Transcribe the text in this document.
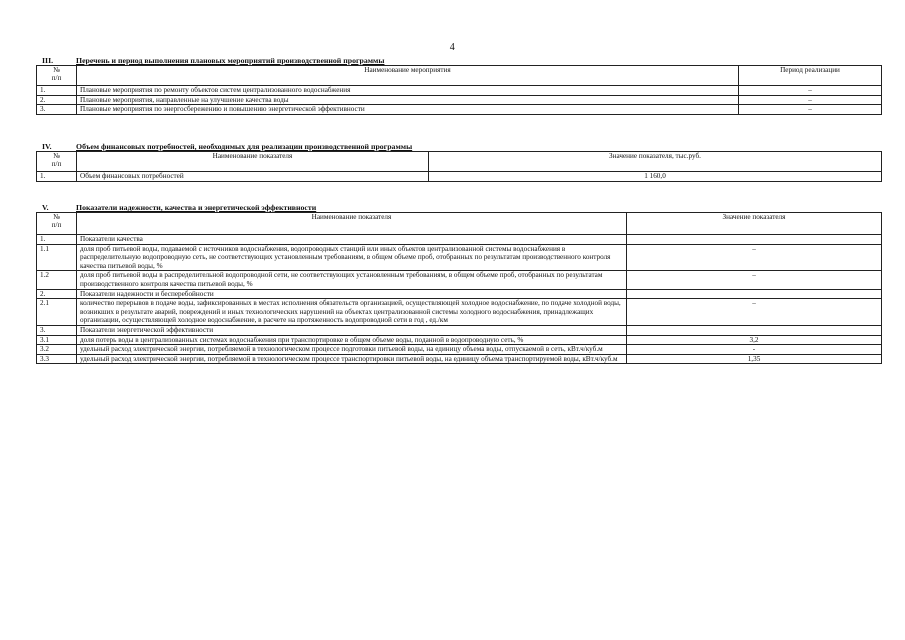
4
III.	Перечень и период выполнения плановых мероприятий производственной программы
№
п/п	Наименование мероприятия	Период реализации
1.	Плановые мероприятия по ремонту объектов систем централизованного водоснабжения	–
2.	Плановые мероприятия, направленные на улучшение качества воды	–
3.	Плановые мероприятия по энергосбережению и повышению энергетической эффективности	–
IV.	Объем финансовых потребностей, необходимых для реализации производственной программы
№
п/п	Наименование показателя	Значение показателя, тыс.руб.
1.	Объем финансовых потребностей	1 160,0
V.	Показатели надежности, качества и энергетической эффективности
№
п/п	Наименование показателя	Значение показателя
1.	Показатели качества	
1.1	доля проб питьевой воды, подаваемой с источников водоснабжения, водопроводных станций или иных объектов централизованной системы водоснабжения в распределительную водопроводную сеть, не соответствующих установленным требованиям, в общем объеме проб, отобранных по результатам производственного контроля качества питьевой воды, %	–
1.2	доля проб питьевой воды в распределительной водопроводной сети, не соответствующих установленным требованиям, в общем объеме проб, отобранных по результатам производственного контроля качества питьевой воды, %	–
2.	Показатели надежности и бесперебойности	
2.1	количество перерывов в подаче воды, зафиксированных в местах исполнения обязательств организацией, осуществляющей холодное водоснабжение, по подаче холодной воды, возникших в результате аварий, повреждений и иных технологических нарушений на объектах централизованной системы холодного водоснабжения, принадлежащих организации, осуществляющей холодное водоснабжение, в расчете на протяженность водопроводной сети в год , ед./км	–
3.	Показатели энергетической эффективности	
3.1	доля потерь воды в централизованных системах водоснабжения при транспортировке в общем объеме воды, поданной в водопроводную сеть, %	3,2
3.2	удельный расход электрической энергии, потребляемой в технологическом процессе подготовки питьевой воды, на единицу объема воды, отпускаемой в сеть, кВт.ч/куб.м	-
3.3	удельный расход электрической энергии, потребляемой в технологическом процессе транспортировки питьевой воды, на единицу объема транспортируемой воды, кВт.ч/куб.м	1,35
